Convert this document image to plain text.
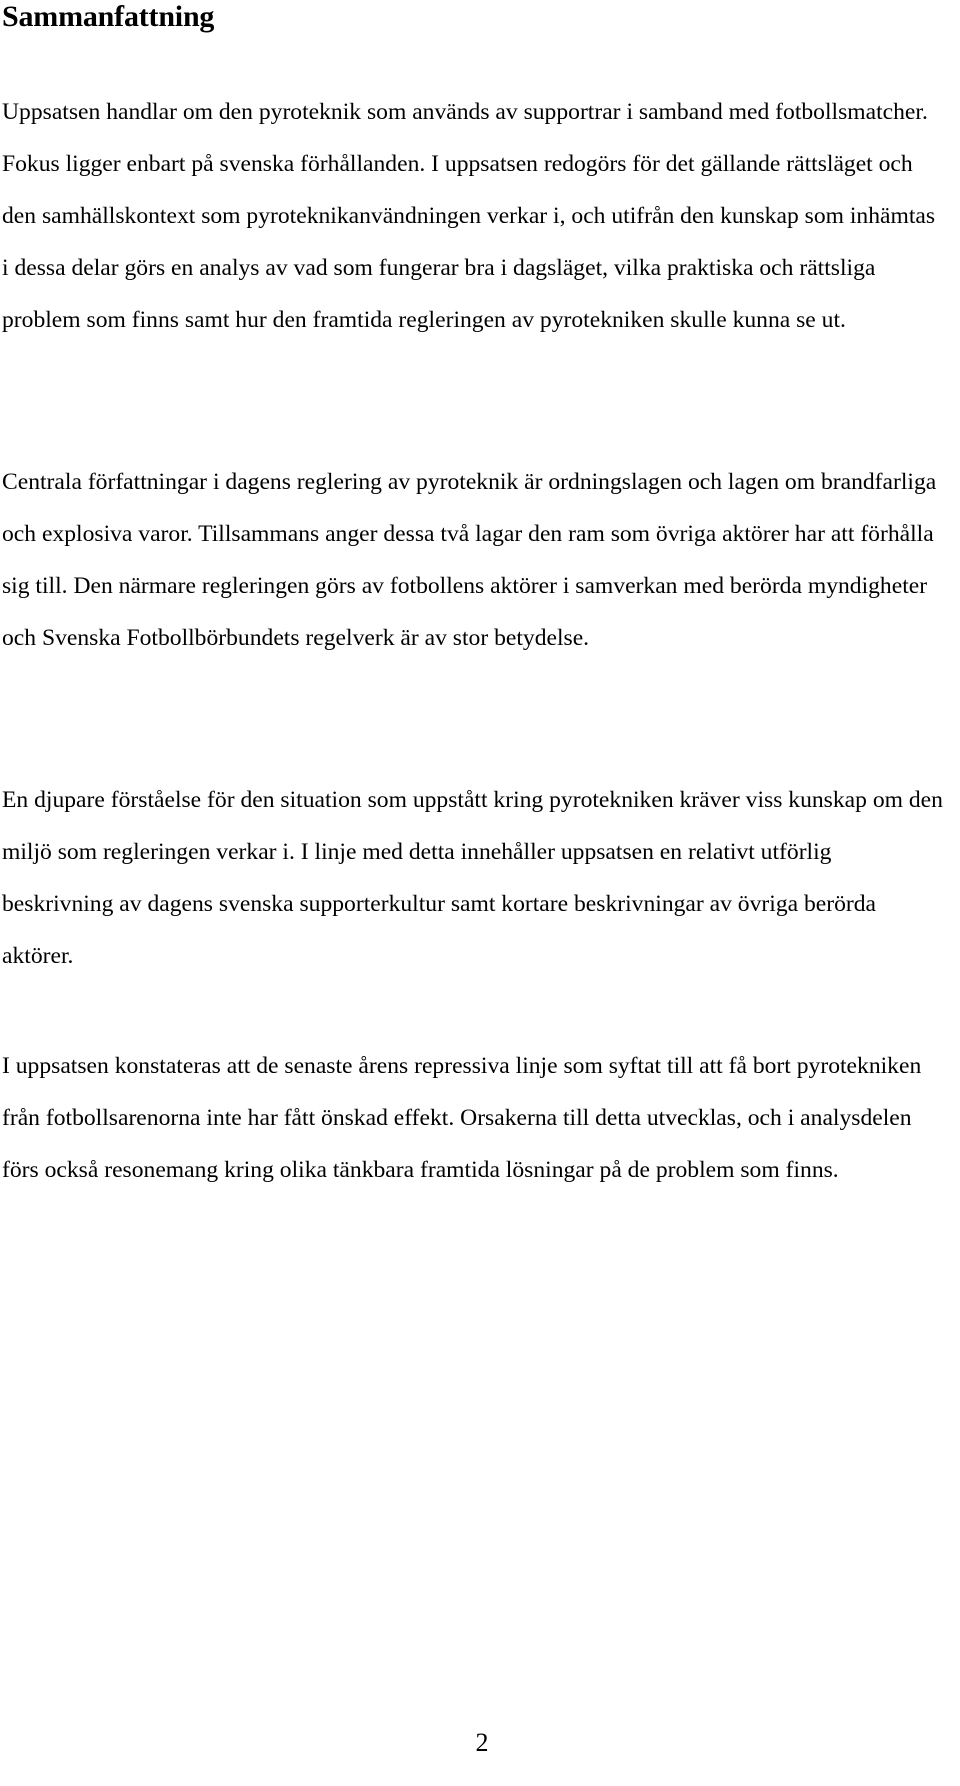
Sammanfattning

Uppsatsen handlar om den pyroteknik som används av supportrar i samband med fotbollsmatcher. Fokus ligger enbart på svenska förhållanden. I uppsatsen redogörs för det gällande rättsläget och den samhällskontext som pyroteknikanvändningen verkar i, och utifrån den kunskap som inhämtas i dessa delar görs en analys av vad som fungerar bra i dagsläget, vilka praktiska och rättsliga problem som finns samt hur den framtida regleringen av pyrotekniken skulle kunna se ut.

Centrala författningar i dagens reglering av pyroteknik är ordningslagen och lagen om brandfarliga och explosiva varor. Tillsammans anger dessa två lagar den ram som övriga aktörer har att förhålla sig till. Den närmare regleringen görs av fotbollens aktörer i samverkan med berörda myndigheter och Svenska Fotbollbörbundets regelverk är av stor betydelse.

En djupare förståelse för den situation som uppstått kring pyrotekniken kräver viss kunskap om den miljö som regleringen verkar i. I linje med detta innehåller uppsatsen en relativt utförlig beskrivning av dagens svenska supporterkultur samt kortare beskrivningar av övriga berörda aktörer.

I uppsatsen konstateras att de senaste årens repressiva linje som syftat till att få bort pyrotekniken från fotbollsarenorna inte har fått önskad effekt. Orsakerna till detta utvecklas, och i analysdelen förs också resonemang kring olika tänkbara framtida lösningar på de problem som finns.

2
